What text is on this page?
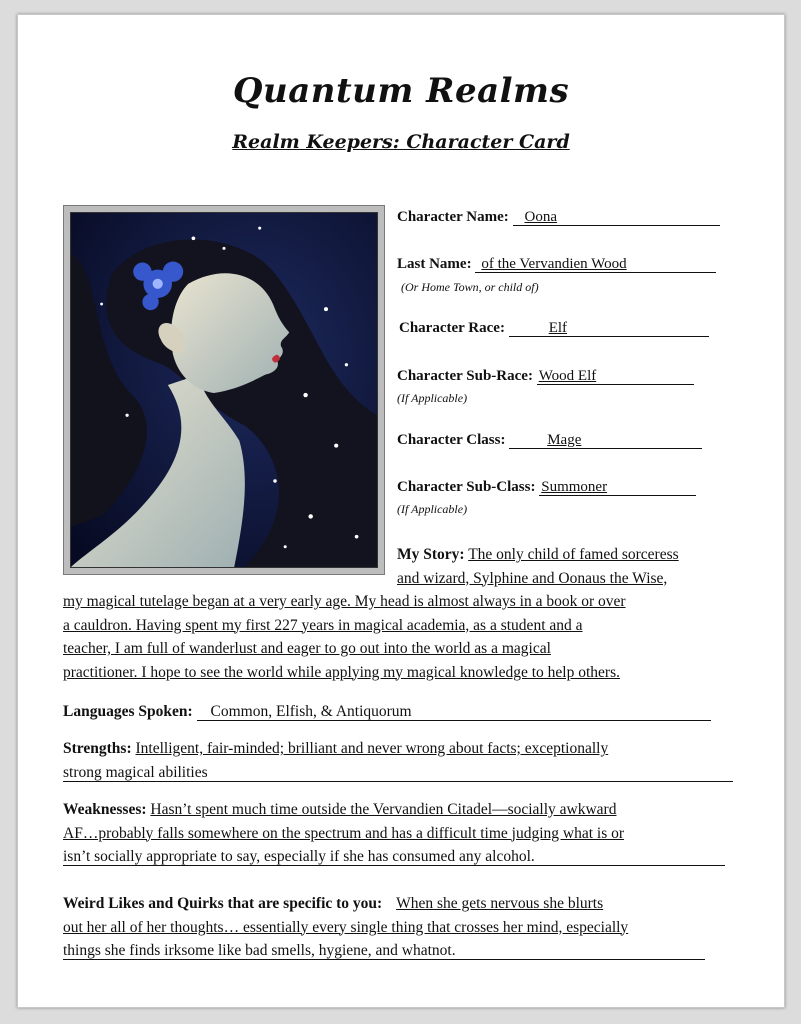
Quantum Realms
Realm Keepers: Character Card
Character Name: Oona
Last Name: of the Vervandien Wood
(Or Home Town, or child of)
Character Race:	Elf
Character Sub-Race: Wood Elf
(If Applicable)
Character Class:	Mage
Character Sub-Class: Summoner
(If Applicable)
My Story: The only child of famed sorceress
and wizard, Sylphine and Oonaus the Wise,
my magical tutelage began at a very early age. My head is almost always in a book or over
a cauldron. Having spent my first 227 years in magical academia, as a student and a
teacher, I am full of wanderlust and eager to go out into the world as a magical
practitioner. I hope to see the world while applying my magical knowledge to help others.
Languages Spoken: Common, Elfish, & Antiquorum
Strengths: Intelligent, fair-minded; brilliant and never wrong about facts; exceptionally
strong magical abilities
Weaknesses: Hasn’t spent much time outside the Vervandien Citadel—socially awkward
AF…probably falls somewhere on the spectrum and has a difficult time judging what is or
isn’t socially appropriate to say, especially if she has consumed any alcohol.
Weird Likes and Quirks that are specific to you: When she gets nervous she blurts
out her all of her thoughts… essentially every single thing that crosses her mind, especially
things she finds irksome like bad smells, hygiene, and whatnot.
